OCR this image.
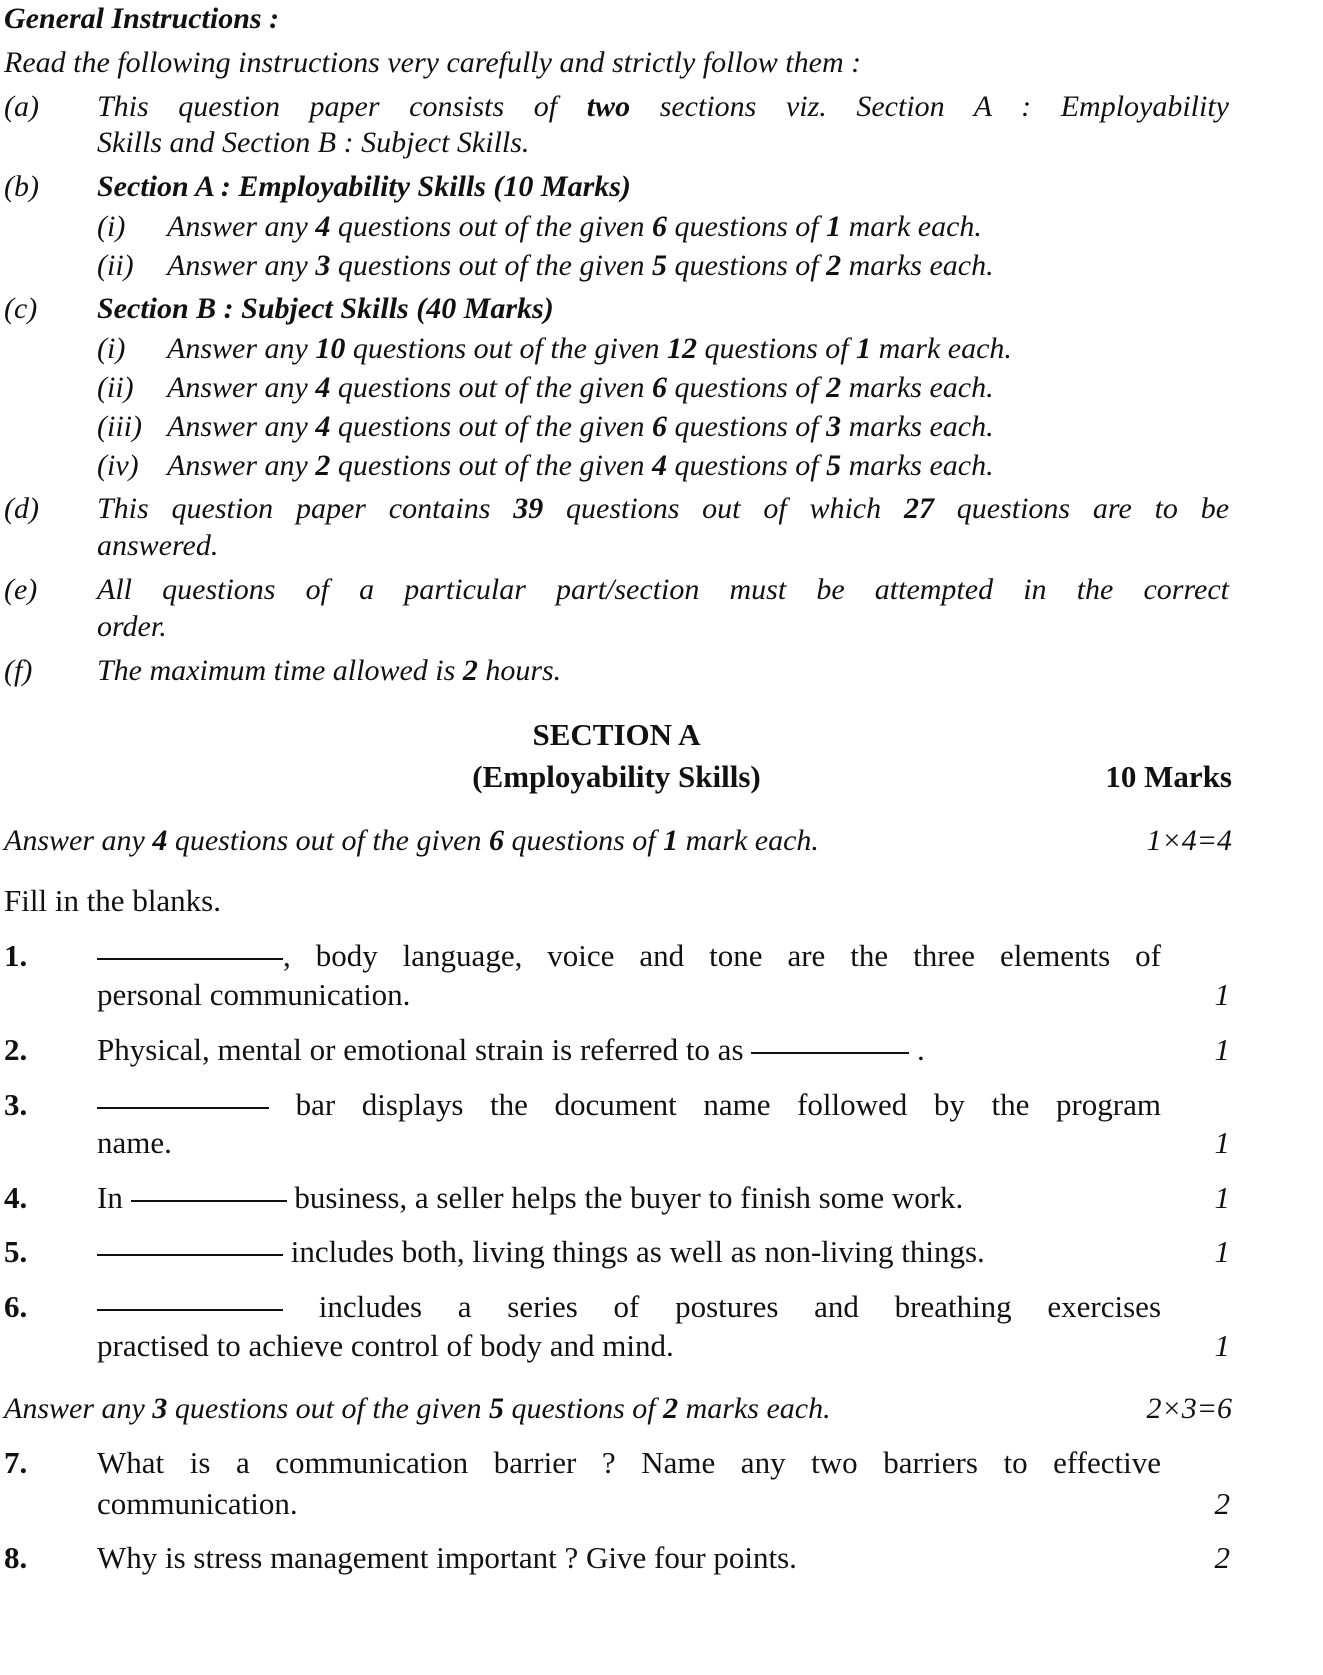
General Instructions :
Read the following instructions very carefully and strictly follow them :
(a) This question paper consists of two sections viz. Section A : Employability
Skills and Section B : Subject Skills.
(b) Section A : Employability Skills (10 Marks)
(i) Answer any 4 questions out of the given 6 questions of 1 mark each.
(ii) Answer any 3 questions out of the given 5 questions of 2 marks each.
(c) Section B : Subject Skills (40 Marks)
(i) Answer any 10 questions out of the given 12 questions of 1 mark each.
(ii) Answer any 4 questions out of the given 6 questions of 2 marks each.
(iii) Answer any 4 questions out of the given 6 questions of 3 marks each.
(iv) Answer any 2 questions out of the given 4 questions of 5 marks each.
(d) This question paper contains 39 questions out of which 27 questions are to be
answered.
(e) All questions of a particular part/section must be attempted in the correct
order.
(f) The maximum time allowed is 2 hours.
SECTION A
(Employability Skills)	10 Marks
Answer any 4 questions out of the given 6 questions of 1 mark each.	1×4=4
Fill in the blanks.
1.	, body language, voice and tone are the three elements of
personal communication.	1
2. Physical, mental or emotional strain is referred to as	.	1
3.	bar displays the document name followed by the program
name.	1
4. In	business, a seller helps the buyer to finish some work.	1
5.	includes both, living things as well as non-living things.	1
6.	includes a series of postures and breathing exercises
practised to achieve control of body and mind.	1
Answer any 3 questions out of the given 5 questions of 2 marks each.	2×3=6
7. What is a communication barrier ? Name any two barriers to effective
communication.	2
8. Why is stress management important ? Give four points.	2
